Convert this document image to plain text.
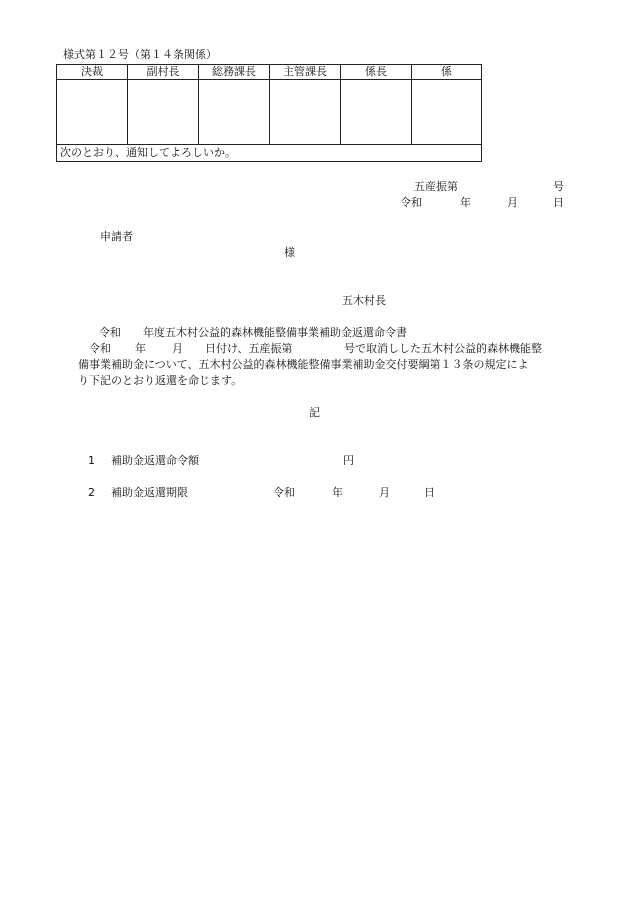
様式第１２号（第１４条関係）
決裁	副村長	総務課長	主管課長	係長	係

次のとおり、通知してよろしいか。					
五産振第	号
令和	年	月	日
申請者
様
五木村長
令和 年度五木村公益的森林機能整備事業補助金返還命令書
令和 年 月 日付け、五産振第	号で取消しした五木村公益的森林機能整
備事業補助金について、五木村公益的森林機能整備事業補助金交付要綱第１３条の規定によ
り下記のとおり返還を命じます。
記
1 補助金返還命令額	円
2 補助金返還期限	令和	年	月	日
